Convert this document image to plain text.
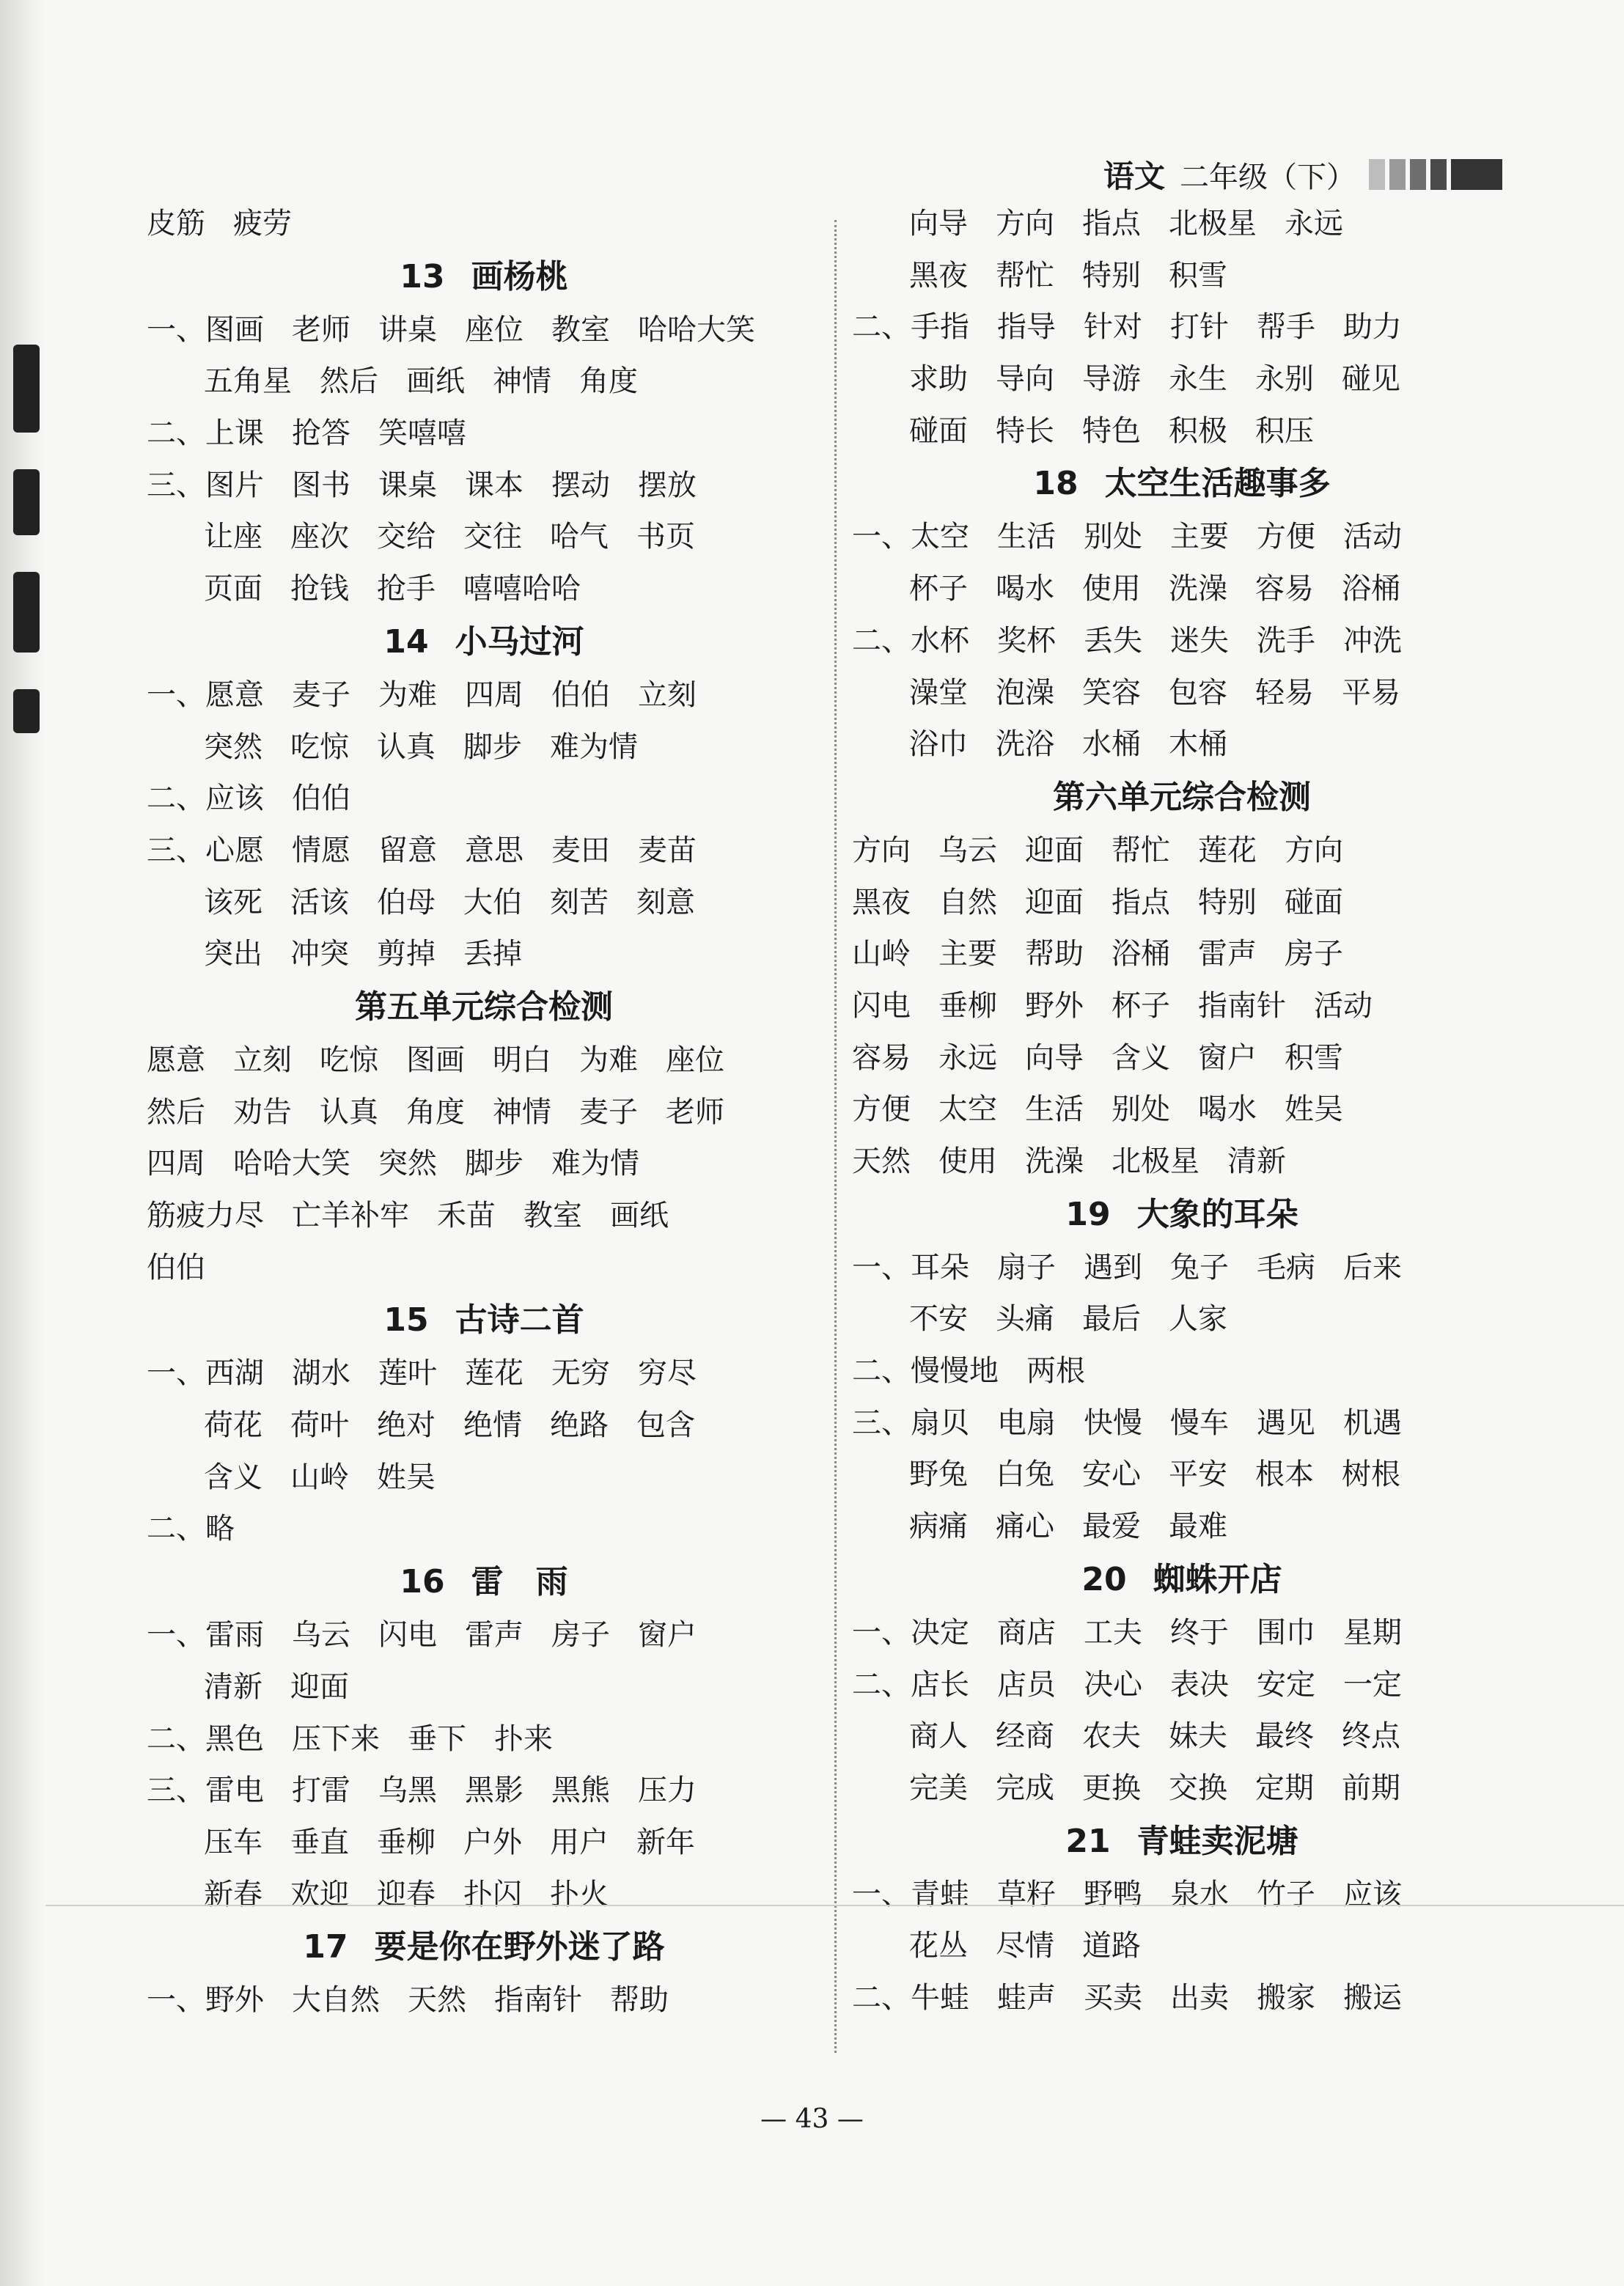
语文 二年级（下）
皮筋 疲劳
13 画杨桃
一、图画 老师 讲桌 座位 教室 哈哈大笑
五角星 然后 画纸 神情 角度
二、上课 抢答 笑嘻嘻
三、图片 图书 课桌 课本 摆动 摆放
让座 座次 交给 交往 哈气 书页
页面 抢钱 抢手 嘻嘻哈哈
14 小马过河
一、愿意 麦子 为难 四周 伯伯 立刻
突然 吃惊 认真 脚步 难为情
二、应该 伯伯
三、心愿 情愿 留意 意思 麦田 麦苗
该死 活该 伯母 大伯 刻苦 刻意
突出 冲突 剪掉 丢掉
第五单元综合检测
愿意 立刻 吃惊 图画 明白 为难 座位
然后 劝告 认真 角度 神情 麦子 老师
四周 哈哈大笑 突然 脚步 难为情
筋疲力尽 亡羊补牢 禾苗 教室 画纸
伯伯
15 古诗二首
一、西湖 湖水 莲叶 莲花 无穷 穷尽
荷花 荷叶 绝对 绝情 绝路 包含
含义 山岭 姓吴
二、略
16 雷　雨
一、雷雨 乌云 闪电 雷声 房子 窗户
清新 迎面
二、黑色 压下来 垂下 扑来
三、雷电 打雷 乌黑 黑影 黑熊 压力
压车 垂直 垂柳 户外 用户 新年
新春 欢迎 迎春 扑闪 扑火
17 要是你在野外迷了路
一、野外 大自然 天然 指南针 帮助
向导 方向 指点 北极星 永远
黑夜 帮忙 特别 积雪
二、手指 指导 针对 打针 帮手 助力
求助 导向 导游 永生 永别 碰见
碰面 特长 特色 积极 积压
18 太空生活趣事多
一、太空 生活 别处 主要 方便 活动
杯子 喝水 使用 洗澡 容易 浴桶
二、水杯 奖杯 丢失 迷失 洗手 冲洗
澡堂 泡澡 笑容 包容 轻易 平易
浴巾 洗浴 水桶 木桶
第六单元综合检测
方向 乌云 迎面 帮忙 莲花 方向
黑夜 自然 迎面 指点 特别 碰面
山岭 主要 帮助 浴桶 雷声 房子
闪电 垂柳 野外 杯子 指南针 活动
容易 永远 向导 含义 窗户 积雪
方便 太空 生活 别处 喝水 姓吴
天然 使用 洗澡 北极星 清新
19 大象的耳朵
一、耳朵 扇子 遇到 兔子 毛病 后来
不安 头痛 最后 人家
二、慢慢地 两根
三、扇贝 电扇 快慢 慢车 遇见 机遇
野兔 白兔 安心 平安 根本 树根
病痛 痛心 最爱 最难
20 蜘蛛开店
一、决定 商店 工夫 终于 围巾 星期
二、店长 店员 决心 表决 安定 一定
商人 经商 农夫 妹夫 最终 终点
完美 完成 更换 交换 定期 前期
21 青蛙卖泥塘
一、青蛙 草籽 野鸭 泉水 竹子 应该
花丛 尽情 道路
二、牛蛙 蛙声 买卖 出卖 搬家 搬运
— 43 —
